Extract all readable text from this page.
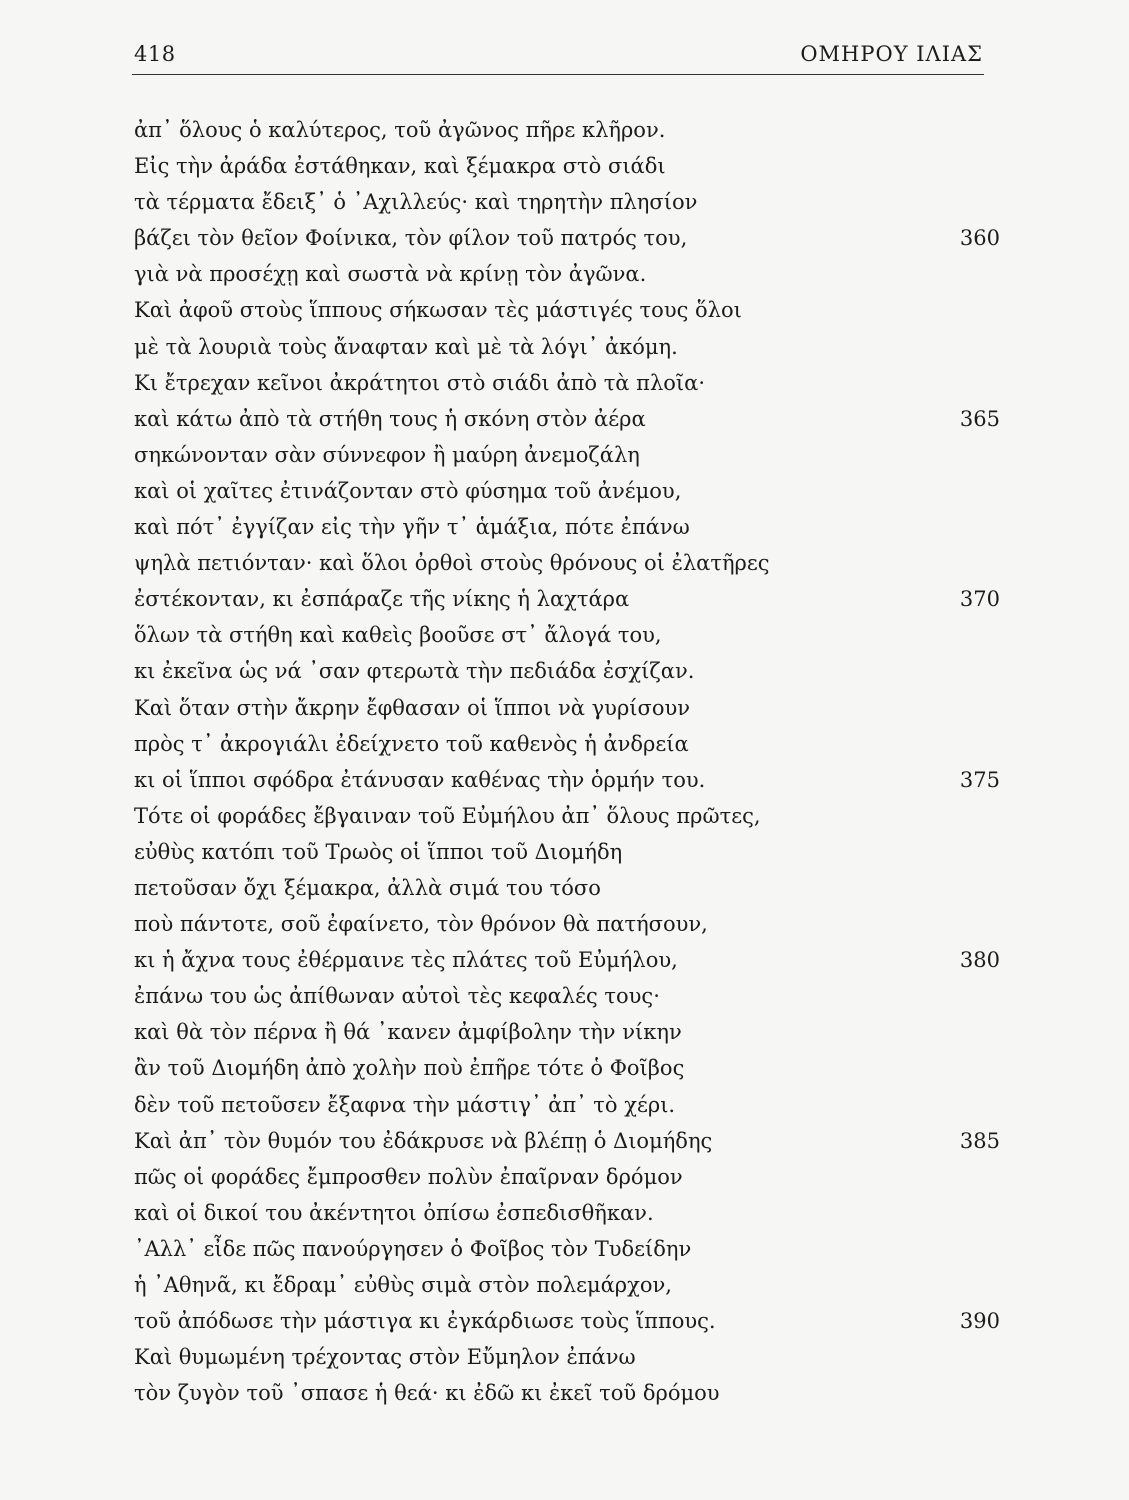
418	ΟΜΗΡΟΥ ΙΛΙΑΣ
ἀπ᾽ ὅλους ὁ καλύτερος, τοῦ ἀγῶνος πῆρε κλῆρον.
Εἰς τὴν ἀράδα ἐστάθηκαν, καὶ ξέμακρα στὸ σιάδι
τὰ τέρματα ἔδειξ᾽ ὁ ᾿Αχιλλεύς· καὶ τηρητὴν πλησίον
βάζει τὸν θεῖον Φοίνικα, τὸν φίλον τοῦ πατρός του,	360
γιὰ νὰ προσέχῃ καὶ σωστὰ νὰ κρίνῃ τὸν ἀγῶνα.
Καὶ ἀφοῦ στοὺς ἵππους σήκωσαν τὲς μάστιγές τους ὅλοι
μὲ τὰ λουριὰ τοὺς ἄναφταν καὶ μὲ τὰ λόγι᾽ ἀκόμη.
Κι ἔτρεχαν κεῖνοι ἀκράτητοι στὸ σιάδι ἀπὸ τὰ πλοῖα·
καὶ κάτω ἀπὸ τὰ στήθη τους ἡ σκόνη στὸν ἀέρα	365
σηκώνονταν σὰν σύννεφον ἢ μαύρη ἀνεμοζάλη
καὶ οἱ χαῖτες ἐτινάζονταν στὸ φύσημα τοῦ ἀνέμου,
καὶ πότ᾽ ἐγγίζαν εἰς τὴν γῆν τ᾽ ἁμάξια, πότε ἐπάνω
ψηλὰ πετιόνταν· καὶ ὅλοι ὀρθοὶ στοὺς θρόνους οἱ ἐλατῆρες
ἐστέκονταν, κι ἐσπάραζε τῆς νίκης ἡ λαχτάρα	370
ὅλων τὰ στήθη καὶ καθεὶς βοοῦσε στ᾽ ἄλογά του,
κι ἐκεῖνα ὡς νά ᾽σαν φτερωτὰ τὴν πεδιάδα ἐσχίζαν.
Καὶ ὅταν στὴν ἄκρην ἔφθασαν οἱ ἵπποι νὰ γυρίσουν
πρὸς τ᾽ ἀκρογιάλι ἐδείχνετο τοῦ καθενὸς ἡ ἀνδρεία
κι οἱ ἵπποι σφόδρα ἐτάνυσαν καθένας τὴν ὁρμήν του.	375
Τότε οἱ φοράδες ἔβγαιναν τοῦ Εὐμήλου ἀπ᾽ ὅλους πρῶτες,
εὐθὺς κατόπι τοῦ Τρωὸς οἱ ἵπποι τοῦ Διομήδη
πετοῦσαν ὄχι ξέμακρα, ἀλλὰ σιμά του τόσο
ποὺ πάντοτε, σοῦ ἐφαίνετο, τὸν θρόνον θὰ πατήσουν,
κι ἡ ἄχνα τους ἐθέρμαινε τὲς πλάτες τοῦ Εὐμήλου,	380
ἐπάνω του ὡς ἀπίθωναν αὐτοὶ τὲς κεφαλές τους·
καὶ θὰ τὸν πέρνα ἢ θά ᾽κανεν ἀμφίβολην τὴν νίκην
ἂν τοῦ Διομήδη ἀπὸ χολὴν ποὺ ἐπῆρε τότε ὁ Φοῖβος
δὲν τοῦ πετοῦσεν ἔξαφνα τὴν μάστιγ᾽ ἀπ᾽ τὸ χέρι.
Καὶ ἀπ᾽ τὸν θυμόν του ἐδάκρυσε νὰ βλέπῃ ὁ Διομήδης	385
πῶς οἱ φοράδες ἔμπροσθεν πολὺν ἐπαῖρναν δρόμον
καὶ οἱ δικοί του ἀκέντητοι ὀπίσω ἐσπεδισθῆκαν.
᾿Αλλ᾽ εἶδε πῶς πανούργησεν ὁ Φοῖβος τὸν Τυδείδην
ἡ ᾿Αθηνᾶ, κι ἔδραμ᾽ εὐθὺς σιμὰ στὸν πολεμάρχον,
τοῦ ἀπόδωσε τὴν μάστιγα κι ἐγκάρδιωσε τοὺς ἵππους.	390
Καὶ θυμωμένη τρέχοντας στὸν Εὔμηλον ἐπάνω
τὸν ζυγὸν τοῦ ᾽σπασε ἡ θεά· κι ἐδῶ κι ἐκεῖ τοῦ δρόμου
